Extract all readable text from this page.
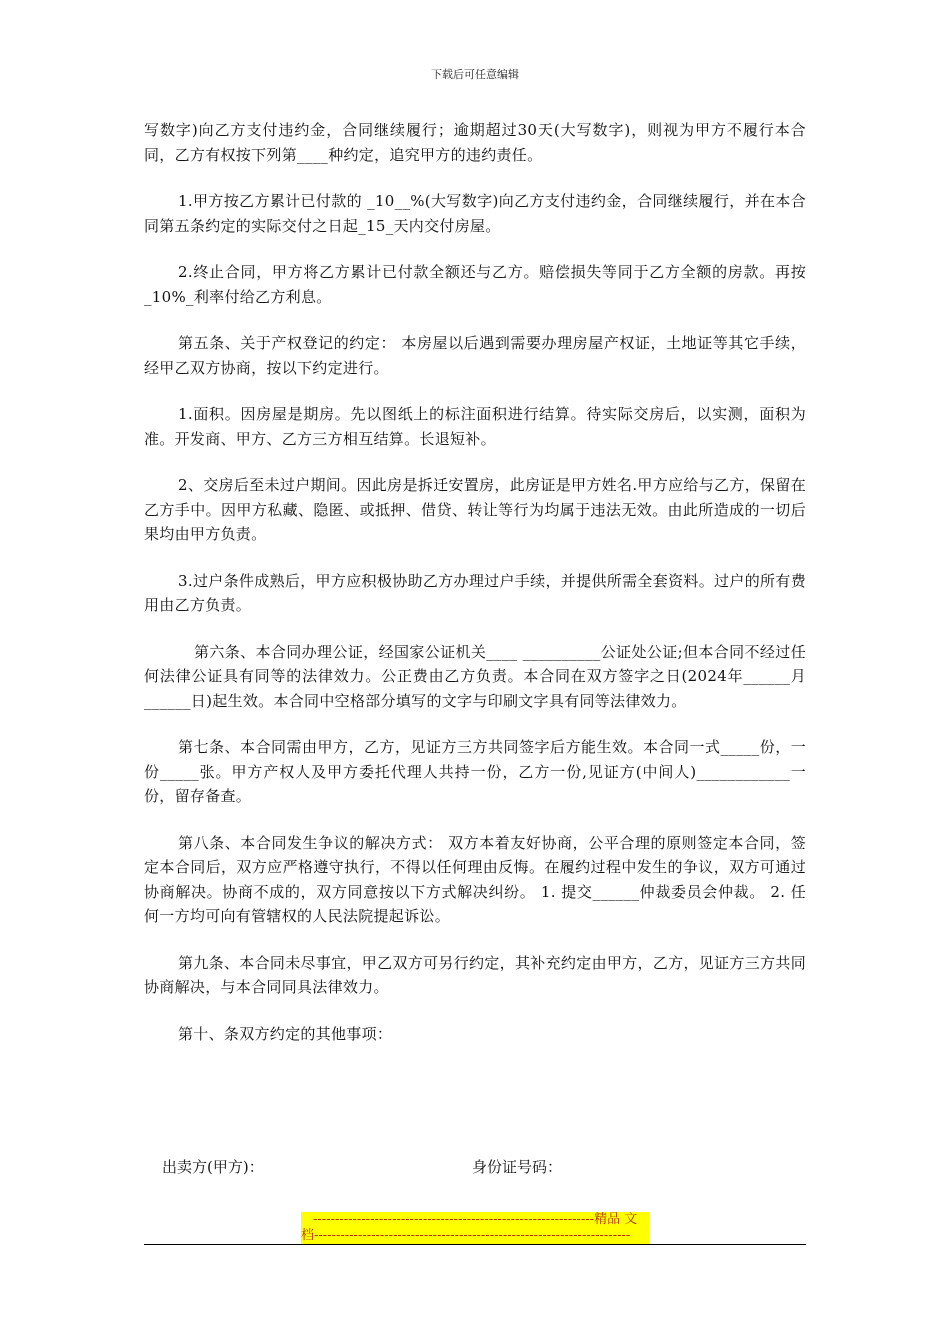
下载后可任意编辑

写数字)向乙方支付违约金，合同继续履行；逾期超过30天(大写数字)，则视为甲方不履行本合同，乙方有权按下列第____种约定，追究甲方的违约责任。

1.甲方按乙方累计已付款的 _10__%(大写数字)向乙方支付违约金，合同继续履行，并在本合同第五条约定的实际交付之日起_15_天内交付房屋。

2.终止合同，甲方将乙方累计已付款全额还与乙方。赔偿损失等同于乙方全额的房款。再按_10%_利率付给乙方利息。

第五条、关于产权登记的约定： 本房屋以后遇到需要办理房屋产权证，土地证等其它手续，经甲乙双方协商，按以下约定进行。

1.面积。因房屋是期房。先以图纸上的标注面积进行结算。待实际交房后，以实测，面积为准。开发商、甲方、乙方三方相互结算。长退短补。

2、交房后至未过户期间。因此房是拆迁安置房，此房证是甲方姓名.甲方应给与乙方，保留在乙方手中。因甲方私藏、隐匿、或抵押、借贷、转让等行为均属于违法无效。由此所造成的一切后果均由甲方负责。

3.过户条件成熟后，甲方应积极协助乙方办理过户手续，并提供所需全套资料。过户的所有费用由乙方负责。

第六条、本合同办理公证，经国家公证机关____ __________公证处公证;但本合同不经过任何法律公证具有同等的法律效力。公正费由乙方负责。本合同在双方签字之日(2024年______月______日)起生效。本合同中空格部分填写的文字与印刷文字具有同等法律效力。

第七条、本合同需由甲方，乙方，见证方三方共同签字后方能生效。本合同一式_____份，一份_____张。甲方产权人及甲方委托代理人共持一份，乙方一份,见证方(中间人)____________一份，留存备查。

第八条、本合同发生争议的解决方式： 双方本着友好协商，公平合理的原则签定本合同，签定本合同后，双方应严格遵守执行，不得以任何理由反悔。在履约过程中发生的争议，双方可通过协商解决。协商不成的，双方同意按以下方式解决纠纷。 1. 提交______仲裁委员会仲裁。 2. 任何一方均可向有管辖权的人民法院提起诉讼。

第九条、本合同未尽事宜，甲乙双方可另行约定，其补充约定由甲方，乙方，见证方三方共同协商解决，与本合同同具法律效力。

第十、条双方约定的其他事项：

出卖方(甲方)：	身份证号码：
----------------------------------------------------------------精品 文
档------------------------------------------------------------------------
